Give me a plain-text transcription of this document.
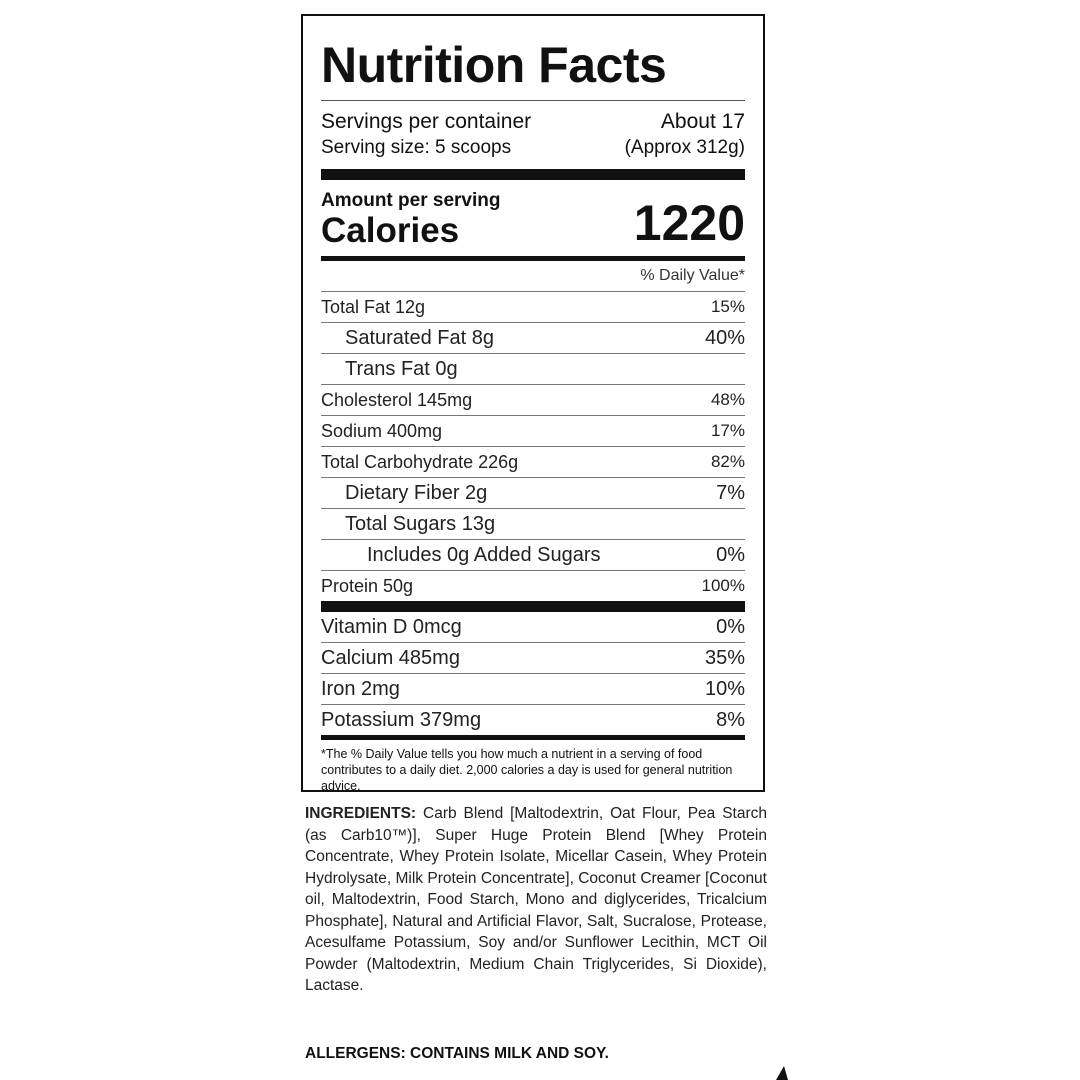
Nutrition Facts
Servings per container	About 17
Serving size: 5 scoops	(Approx 312g)
Amount per serving
Calories	1220
% Daily Value*
Total Fat 12g	15%
Saturated Fat 8g	40%
Trans Fat 0g
Cholesterol 145mg	48%
Sodium 400mg	17%
Total Carbohydrate 226g	82%
Dietary Fiber 2g	7%
Total Sugars 13g
Includes 0g Added Sugars	0%
Protein 50g	100%
Vitamin D 0mcg	0%
Calcium 485mg	35%
Iron 2mg	10%
Potassium 379mg	8%
*The % Daily Value tells you how much a nutrient in a serving of food contributes to a daily diet. 2,000 calories a day is used for general nutrition advice.
INGREDIENTS: Carb Blend [Maltodextrin, Oat Flour, Pea Starch (as Carb10™)], Super Huge Protein Blend [Whey Protein Concentrate, Whey Protein Isolate, Micellar Casein, Whey Protein Hydrolysate, Milk Protein Concentrate], Coconut Creamer [Coconut oil, Maltodextrin, Food Starch, Mono and diglycerides, Tricalcium Phosphate], Natural and Artificial Flavor, Salt, Sucralose, Protease, Acesulfame Potassium, Soy and/or Sunflower Lecithin, MCT Oil Powder (Maltodextrin, Medium Chain Triglycerides, Si Dioxide), Lactase.
ALLERGENS: CONTAINS MILK AND SOY.
